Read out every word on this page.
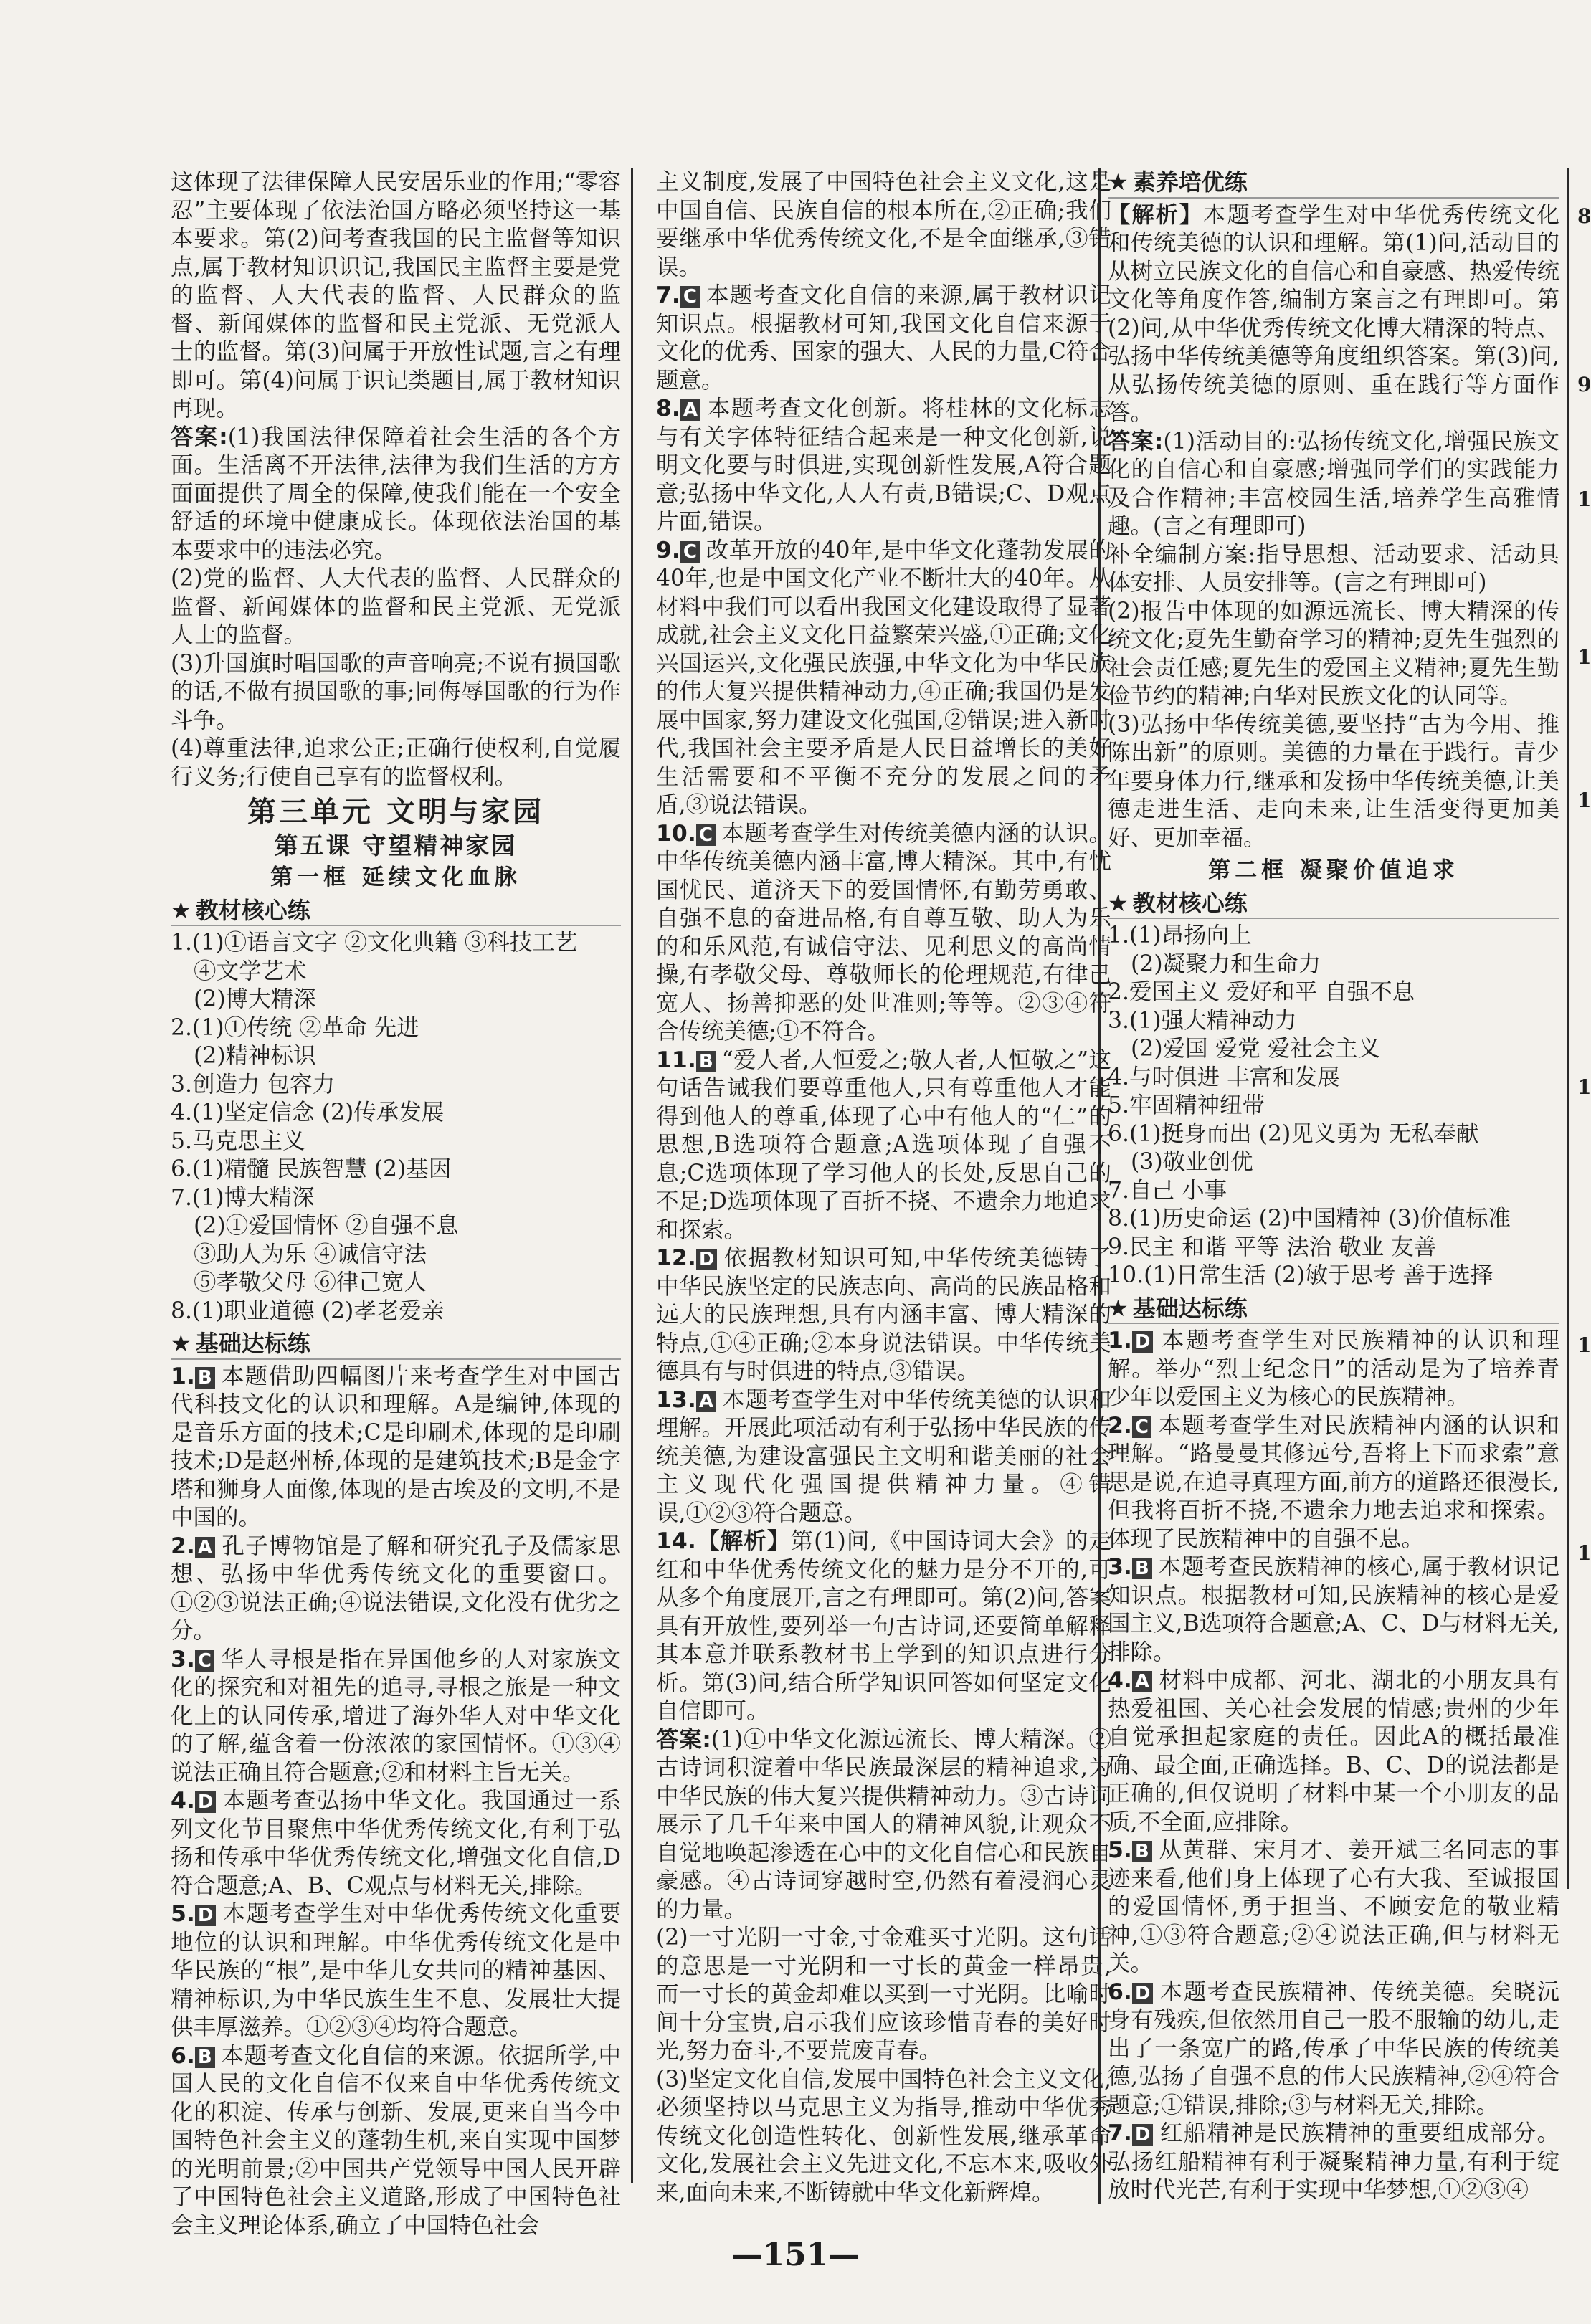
这体现了法律保障人民安居乐业的作用;“零容忍”主要体现了依法治国方略必须坚持这一基本要求。第(2)问考查我国的民主监督等知识点,属于教材知识识记,我国民主监督主要是党的监督、人大代表的监督、人民群众的监督、新闻媒体的监督和民主党派、无党派人士的监督。第(3)问属于开放性试题,言之有理即可。第(4)问属于识记类题目,属于教材知识再现。

答案:(1)我国法律保障着社会生活的各个方面。生活离不开法律,法律为我们生活的方方面面提供了周全的保障,使我们能在一个安全舒适的环境中健康成长。体现依法治国的基本要求中的违法必究。

(2)党的监督、人大代表的监督、人民群众的监督、新闻媒体的监督和民主党派、无党派人士的监督。

(3)升国旗时唱国歌的声音响亮;不说有损国歌的话,不做有损国歌的事;同侮辱国歌的行为作斗争。

(4)尊重法律,追求公正;正确行使权利,自觉履行义务;行使自己享有的监督权利。

第三单元 文明与家园
第五课 守望精神家园
第一框 延续文化血脉
★ 教材核心练

1.(1)①语言文字 ②文化典籍 ③科技工艺

④文学艺术

(2)博大精深

2.(1)①传统 ②革命 先进

(2)精神标识

3.创造力 包容力

4.(1)坚定信念 (2)传承发展

5.马克思主义

6.(1)精髓 民族智慧 (2)基因

7.(1)博大精深

(2)①爱国情怀 ②自强不息

③助人为乐 ④诚信守法

⑤孝敬父母 ⑥律己宽人

8.(1)职业道德 (2)孝老爱亲

★ 基础达标练

1. B 本题借助四幅图片来考查学生对中国古代科技文化的认识和理解。A是编钟,体现的是音乐方面的技术;C是印刷术,体现的是印刷技术;D是赵州桥,体现的是建筑技术;B是金字塔和狮身人面像,体现的是古埃及的文明,不是中国的。

2. A 孔子博物馆是了解和研究孔子及儒家思想、弘扬中华优秀传统文化的重要窗口。①②③说法正确;④说法错误,文化没有优劣之分。

3. C 华人寻根是指在异国他乡的人对家族文化的探究和对祖先的追寻,寻根之旅是一种文化上的认同传承,增进了海外华人对中华文化的了解,蕴含着一份浓浓的家国情怀。①③④说法正确且符合题意;②和材料主旨无关。

4. D 本题考查弘扬中华文化。我国通过一系列文化节目聚焦中华优秀传统文化,有利于弘扬和传承中华优秀传统文化,增强文化自信,D符合题意;A、B、C观点与材料无关,排除。

5. D 本题考查学生对中华优秀传统文化重要地位的认识和理解。中华优秀传统文化是中华民族的“根”,是中华儿女共同的精神基因、精神标识,为中华民族生生不息、发展壮大提供丰厚滋养。①②③④均符合题意。

6. B 本题考查文化自信的来源。依据所学,中国人民的文化自信不仅来自中华优秀传统文化的积淀、传承与创新、发展,更来自当今中国特色社会主义的蓬勃生机,来自实现中国梦的光明前景;②中国共产党领导中国人民开辟了中国特色社会主义道路,形成了中国特色社会主义理论体系,确立了中国特色社会

主义制度,发展了中国特色社会主义文化,这是中国自信、民族自信的根本所在,②正确;我们要继承中华优秀传统文化,不是全面继承,③错误。

7. C 本题考查文化自信的来源,属于教材识记知识点。根据教材可知,我国文化自信来源于文化的优秀、国家的强大、人民的力量,C符合题意。

8. A 本题考查文化创新。将桂林的文化标志与有关字体特征结合起来是一种文化创新,说明文化要与时俱进,实现创新性发展,A符合题意;弘扬中华文化,人人有责,B错误;C、D观点片面,错误。

9. C 改革开放的40年,是中华文化蓬勃发展的40年,也是中国文化产业不断壮大的40年。从材料中我们可以看出我国文化建设取得了显著成就,社会主义文化日益繁荣兴盛,①正确;文化兴国运兴,文化强民族强,中华文化为中华民族的伟大复兴提供精神动力,④正确;我国仍是发展中国家,努力建设文化强国,②错误;进入新时代,我国社会主要矛盾是人民日益增长的美好生活需要和不平衡不充分的发展之间的矛盾,③说法错误。

10. C 本题考查学生对传统美德内涵的认识。中华传统美德内涵丰富,博大精深。其中,有忧国忧民、道济天下的爱国情怀,有勤劳勇敢、自强不息的奋进品格,有自尊互敬、助人为乐的和乐风范,有诚信守法、见利思义的高尚情操,有孝敬父母、尊敬师长的伦理规范,有律己宽人、扬善抑恶的处世准则;等等。②③④符合传统美德;①不符合。

11. B “爱人者,人恒爱之;敬人者,人恒敬之”这句话告诫我们要尊重他人,只有尊重他人才能得到他人的尊重,体现了心中有他人的“仁”的思想,B选项符合题意;A选项体现了自强不息;C选项体现了学习他人的长处,反思自己的不足;D选项体现了百折不挠、不遗余力地追求和探索。

12. D 依据教材知识可知,中华传统美德铸了中华民族坚定的民族志向、高尚的民族品格和远大的民族理想,具有内涵丰富、博大精深的特点,①④正确;②本身说法错误。中华传统美德具有与时俱进的特点,③错误。

13. A 本题考查学生对中华传统美德的认识和理解。开展此项活动有利于弘扬中华民族的传统美德,为建设富强民主文明和谐美丽的社会主义现代化强国提供精神力量。④错误,①②③符合题意。

14.【解析】第(1)问,《中国诗词大会》的走红和中华优秀传统文化的魅力是分不开的,可从多个角度展开,言之有理即可。第(2)问,答案具有开放性,要列举一句古诗词,还要简单解释其本意并联系教材书上学到的知识点进行分析。第(3)问,结合所学知识回答如何坚定文化自信即可。

答案:(1)①中华文化源远流长、博大精深。②古诗词积淀着中华民族最深层的精神追求,为中华民族的伟大复兴提供精神动力。③古诗词展示了几千年来中国人的精神风貌,让观众不自觉地唤起渗透在心中的文化自信心和民族自豪感。④古诗词穿越时空,仍然有着浸润心灵的力量。

(2)一寸光阴一寸金,寸金难买寸光阴。这句话的意思是一寸光阴和一寸长的黄金一样昂贵,而一寸长的黄金却难以买到一寸光阴。比喻时间十分宝贵,启示我们应该珍惜青春的美好时光,努力奋斗,不要荒废青春。

(3)坚定文化自信,发展中国特色社会主义文化,必须坚持以马克思主义为指导,推动中华优秀传统文化创造性转化、创新性发展,继承革命文化,发展社会主义先进文化,不忘本来,吸收外来,面向未来,不断铸就中华文化新辉煌。

★ 素养培优练

【解析】本题考查学生对中华优秀传统文化和传统美德的认识和理解。第(1)问,活动目的从树立民族文化的自信心和自豪感、热爱传统文化等角度作答,编制方案言之有理即可。第(2)问,从中华优秀传统文化博大精深的特点、弘扬中华传统美德等角度组织答案。第(3)问,从弘扬传统美德的原则、重在践行等方面作答。

答案:(1)活动目的:弘扬传统文化,增强民族文化的自信心和自豪感;增强同学们的实践能力及合作精神;丰富校园生活,培养学生高雅情趣。(言之有理即可)

补全编制方案:指导思想、活动要求、活动具体安排、人员安排等。(言之有理即可)

(2)报告中体现的如源远流长、博大精深的传统文化;夏先生勤奋学习的精神;夏先生强烈的社会责任感;夏先生的爱国主义精神;夏先生勤俭节约的精神;白华对民族文化的认同等。

(3)弘扬中华传统美德,要坚持“古为今用、推陈出新”的原则。美德的力量在于践行。青少年要身体力行,继承和发扬中华传统美德,让美德走进生活、走向未来,让生活变得更加美好、更加幸福。

第二框 凝聚价值追求
★ 教材核心练

1.(1)昂扬向上

(2)凝聚力和生命力

2.爱国主义 爱好和平 自强不息

3.(1)强大精神动力

(2)爱国 爱党 爱社会主义

4.与时俱进 丰富和发展

5.牢固精神纽带

6.(1)挺身而出 (2)见义勇为 无私奉献

(3)敬业创优

7.自己 小事

8.(1)历史命运 (2)中国精神 (3)价值标准

9.民主 和谐 平等 法治 敬业 友善

10.(1)日常生活 (2)敏于思考 善于选择

★ 基础达标练

1. D 本题考查学生对民族精神的认识和理解。举办“烈士纪念日”的活动是为了培养青少年以爱国主义为核心的民族精神。

2. C 本题考查学生对民族精神内涵的认识和理解。“路曼曼其修远兮,吾将上下而求索”意思是说,在追寻真理方面,前方的道路还很漫长,但我将百折不挠,不遗余力地去追求和探索。体现了民族精神中的自强不息。

3. B 本题考查民族精神的核心,属于教材识记知识点。根据教材可知,民族精神的核心是爱国主义,B选项符合题意;A、C、D与材料无关,排除。

4. A 材料中成都、河北、湖北的小朋友具有热爱祖国、关心社会发展的情感;贵州的少年自觉承担起家庭的责任。因此A的概括最准确、最全面,正确选择。B、C、D的说法都是正确的,但仅说明了材料中某一个小朋友的品质,不全面,应排除。

5. B 从黄群、宋月才、姜开斌三名同志的事迹来看,他们身上体现了心有大我、至诚报国的爱国情怀,勇于担当、不顾安危的敬业精神,①③符合题意;②④说法正确,但与材料无关。

6. D 本题考查民族精神、传统美德。矣晓沅身有残疾,但依然用自己一股不服输的幼儿,走出了一条宽广的路,传承了中华民族的传统美德,弘扬了自强不息的伟大民族精神,②④符合题意;①错误,排除;③与材料无关,排除。

7. D 红船精神是民族精神的重要组成部分。弘扬红船精神有利于凝聚精神力量,有利于绽放时代光芒,有利于实现中华梦想,①②③④

8
9
1
1
1
1
1
1
—151—
